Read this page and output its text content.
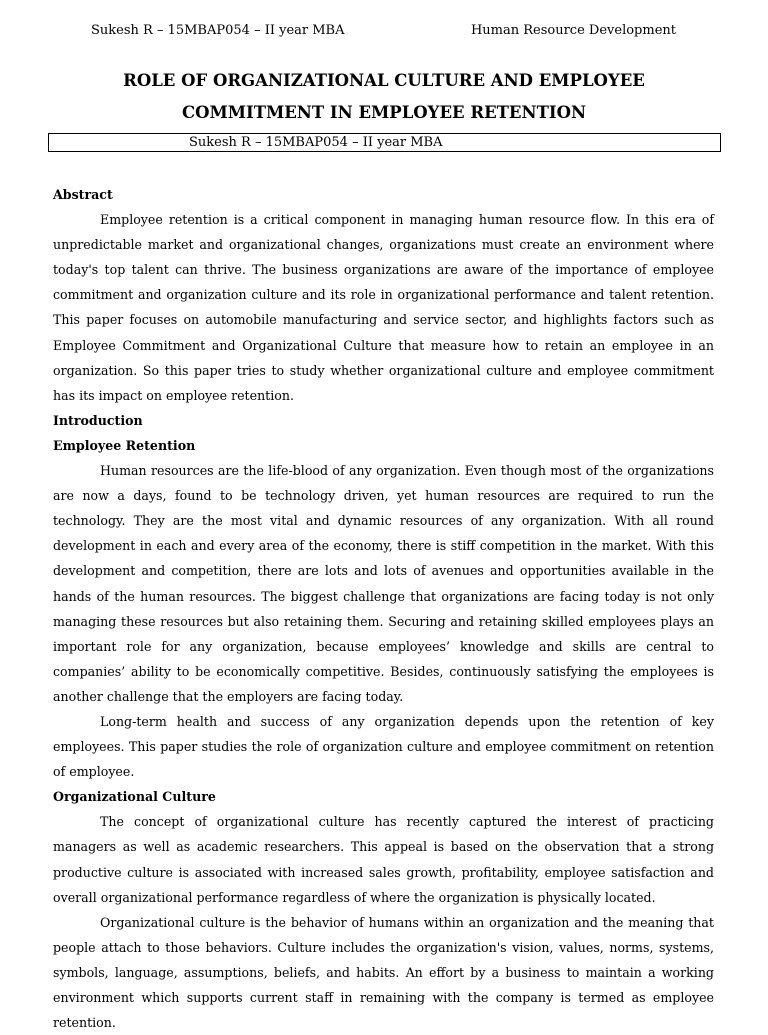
Sukesh R – 15MBAP054 – II year MBA	Human Resource Development
ROLE OF ORGANIZATIONAL CULTURE AND EMPLOYEE
COMMITMENT IN EMPLOYEE RETENTION
Sukesh R – 15MBAP054 – II year MBA

Abstract

Employee retention is a critical component in managing human resource flow. In this era of unpredictable market and organizational changes, organizations must create an environment where today's top talent can thrive. The business organizations are aware of the importance of employee commitment and organization culture and its role in organizational performance and talent retention. This paper focuses on automobile manufacturing and service sector, and highlights factors such as Employee Commitment and Organizational Culture that measure how to retain an employee in an organization. So this paper tries to study whether organizational culture and employee commitment has its impact on employee retention.

Introduction

Employee Retention

Human resources are the life-blood of any organization. Even though most of the organizations are now a days, found to be technology driven, yet human resources are required to run the technology. They are the most vital and dynamic resources of any organization. With all round development in each and every area of the economy, there is stiff competition in the market. With this development and competition, there are lots and lots of avenues and opportunities available in the hands of the human resources. The biggest challenge that organizations are facing today is not only managing these resources but also retaining them. Securing and retaining skilled employees plays an important role for any organization, because employees’ knowledge and skills are central to companies’ ability to be economically competitive. Besides, continuously satisfying the employees is another challenge that the employers are facing today.

Long-term health and success of any organization depends upon the retention of key employees. This paper studies the role of organization culture and employee commitment on retention of employee.

Organizational Culture

The concept of organizational culture has recently captured the interest of practicing managers as well as academic researchers. This appeal is based on the observation that a strong productive culture is associated with increased sales growth, profitability, employee satisfaction and overall organizational performance regardless of where the organization is physically located.

Organizational culture is the behavior of humans within an organization and the meaning that people attach to those behaviors. Culture includes the organization's vision, values, norms, systems, symbols, language, assumptions, beliefs, and habits. An effort by a business to maintain a working environment which supports current staff in remaining with the company is termed as employee retention.
